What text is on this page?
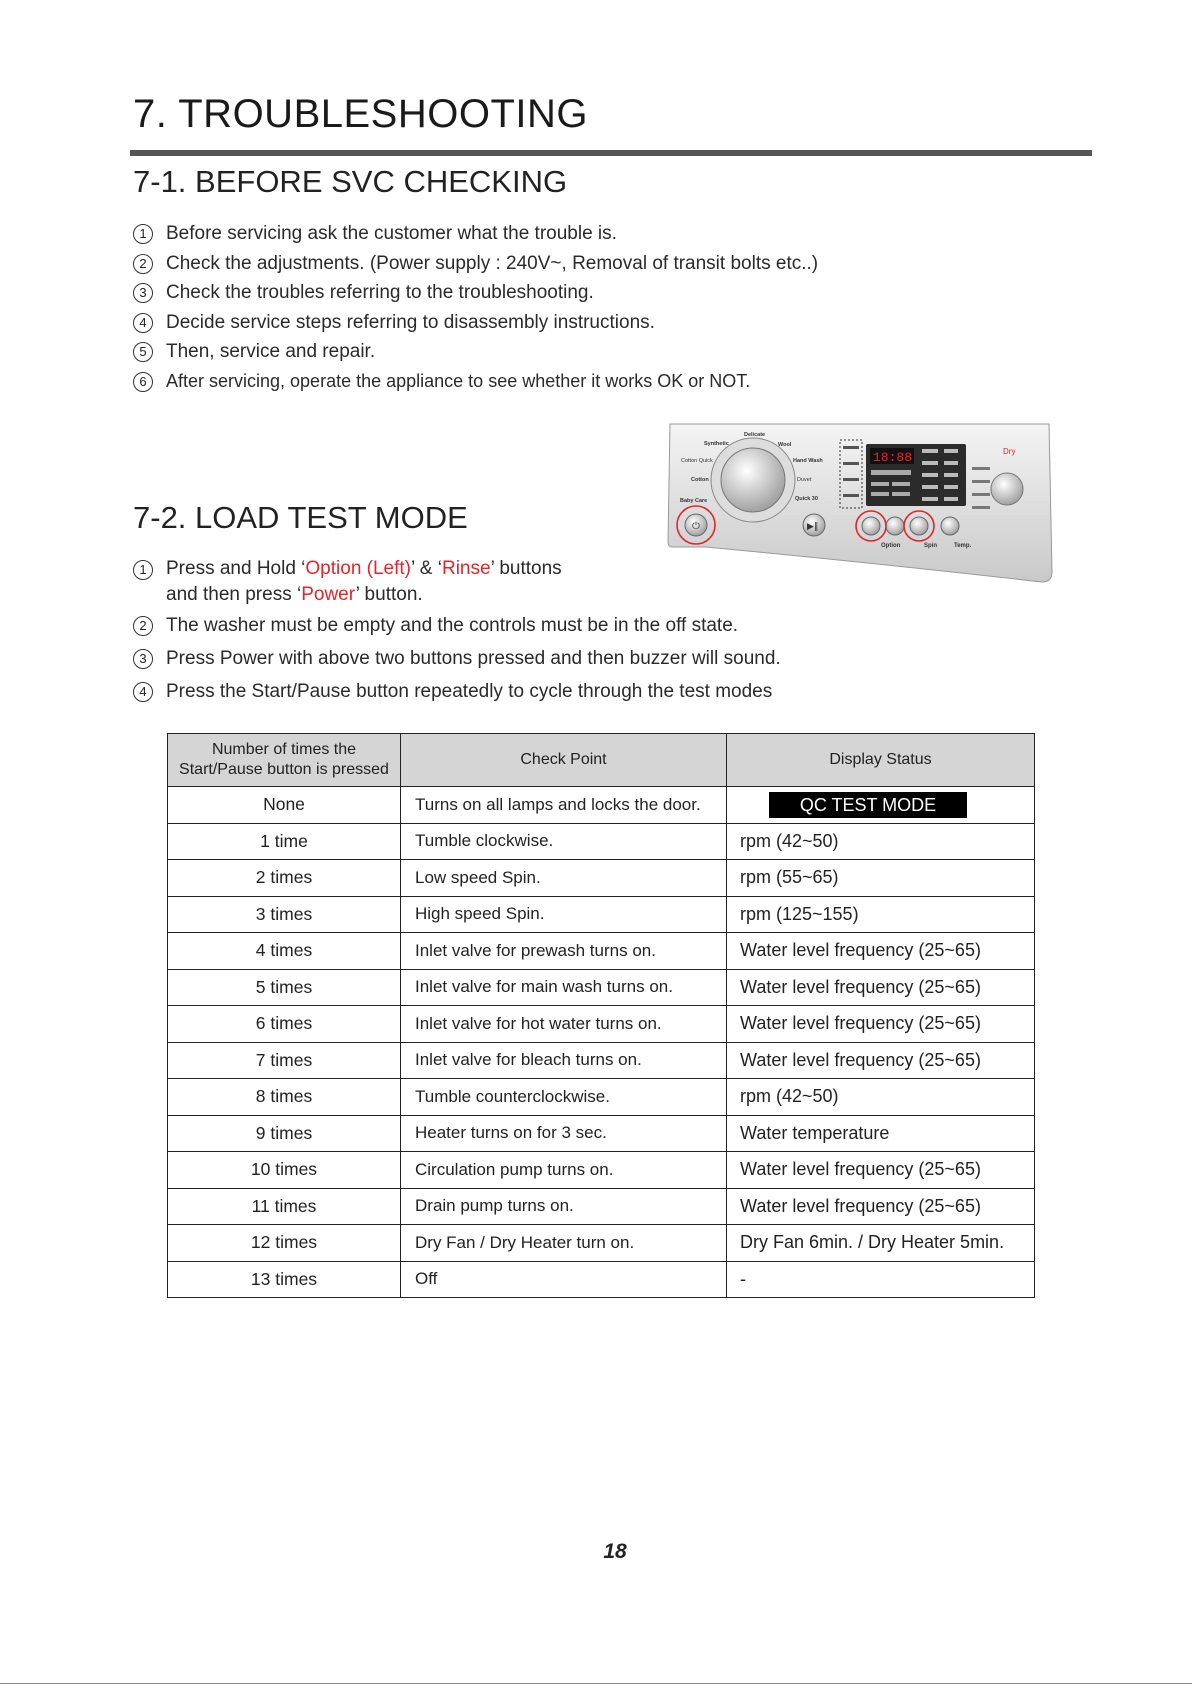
7. TROUBLESHOOTING
7-1. BEFORE SVC CHECKING
1	Before servicing ask the customer what the trouble is.
2	Check the adjustments. (Power supply : 240V~, Removal of transit bolts etc..)
3	Check the troubles referring to the troubleshooting.
4	Decide service steps referring to disassembly instructions.
5	Then, service and repair.
6	After servicing, operate the appliance to see whether it works OK or NOT.
Synthetic
Cotton Quick
Cotton
Baby Care
Delicate
Wool
Hand Wash
Duvet
Quick 30
18:88	Dry
⏻	▶‖
Option	Spin	Temp.
7-2. LOAD TEST MODE
1	Press and Hold ‘Option (Left)’ & ‘Rinse’ buttons
and then press ‘Power’ button.
2	The washer must be empty and the controls must be in the off state.
3	Press Power with above two buttons pressed and then buzzer will sound.
4	Press the Start/Pause button repeatedly to cycle through the test modes
Number of times the
Start/Pause button is pressed	Check Point	Display Status
None	Turns on all lamps and locks the door.	QC TEST MODE
1 time	Tumble clockwise.	rpm (42~50)
2 times	Low speed Spin.	rpm (55~65)
3 times	High speed Spin.	rpm (125~155)
4 times	Inlet valve for prewash turns on.	Water level frequency (25~65)
5 times	Inlet valve for main wash turns on.	Water level frequency (25~65)
6 times	Inlet valve for hot water turns on.	Water level frequency (25~65)
7 times	Inlet valve for bleach turns on.	Water level frequency (25~65)
8 times	Tumble counterclockwise.	rpm (42~50)
9 times	Heater turns on for 3 sec.	Water temperature
10 times	Circulation pump turns on.	Water level frequency (25~65)
11 times	Drain pump turns on.	Water level frequency (25~65)
12 times	Dry Fan / Dry Heater turn on.	Dry Fan 6min. / Dry Heater 5min.
13 times	Off	-
18
